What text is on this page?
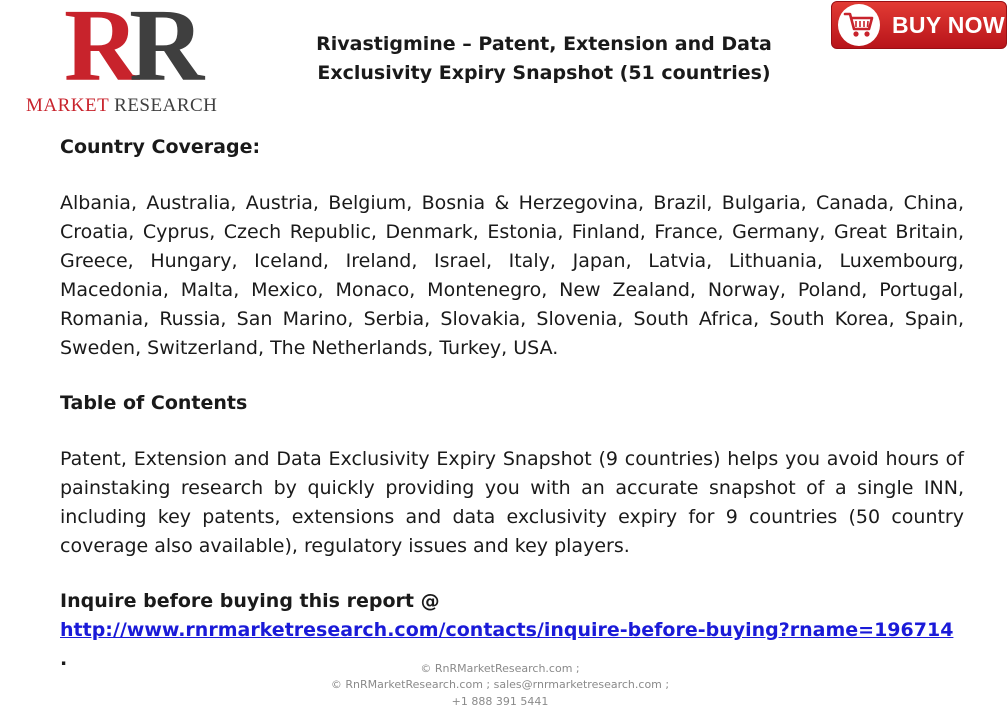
RR
MARKET RESEARCH
Rivastigmine – Patent, Extension and Data Exclusivity Expiry Snapshot (51 countries)
BUY NOW

Country Coverage:

Albania, Australia, Austria, Belgium, Bosnia & Herzegovina, Brazil, Bulgaria, Canada, China, Croatia, Cyprus, Czech Republic, Denmark, Estonia, Finland, France, Germany, Great Britain, Greece, Hungary, Iceland, Ireland, Israel, Italy, Japan, Latvia, Lithuania, Luxembourg, Macedonia, Malta, Mexico, Monaco, Montenegro, New Zealand, Norway, Poland, Portugal, Romania, Russia, San Marino, Serbia, Slovakia, Slovenia, South Africa, South Korea, Spain, Sweden, Switzerland, The Netherlands, Turkey, USA.

Table of Contents

Patent, Extension and Data Exclusivity Expiry Snapshot (9 countries) helps you avoid hours of painstaking research by quickly providing you with an accurate snapshot of a single INN, including key patents, extensions and data exclusivity expiry for 9 countries (50 country coverage also available), regulatory issues and key players.

Inquire before buying this report @ http://www.rnrmarketresearch.com/contacts/inquire-before-buying?rname=196714 .	© RnRMarketResearch.com ;
© RnRMarketResearch.com ; sales@rnrmarketresearch.com ;
+1 888 391 5441
